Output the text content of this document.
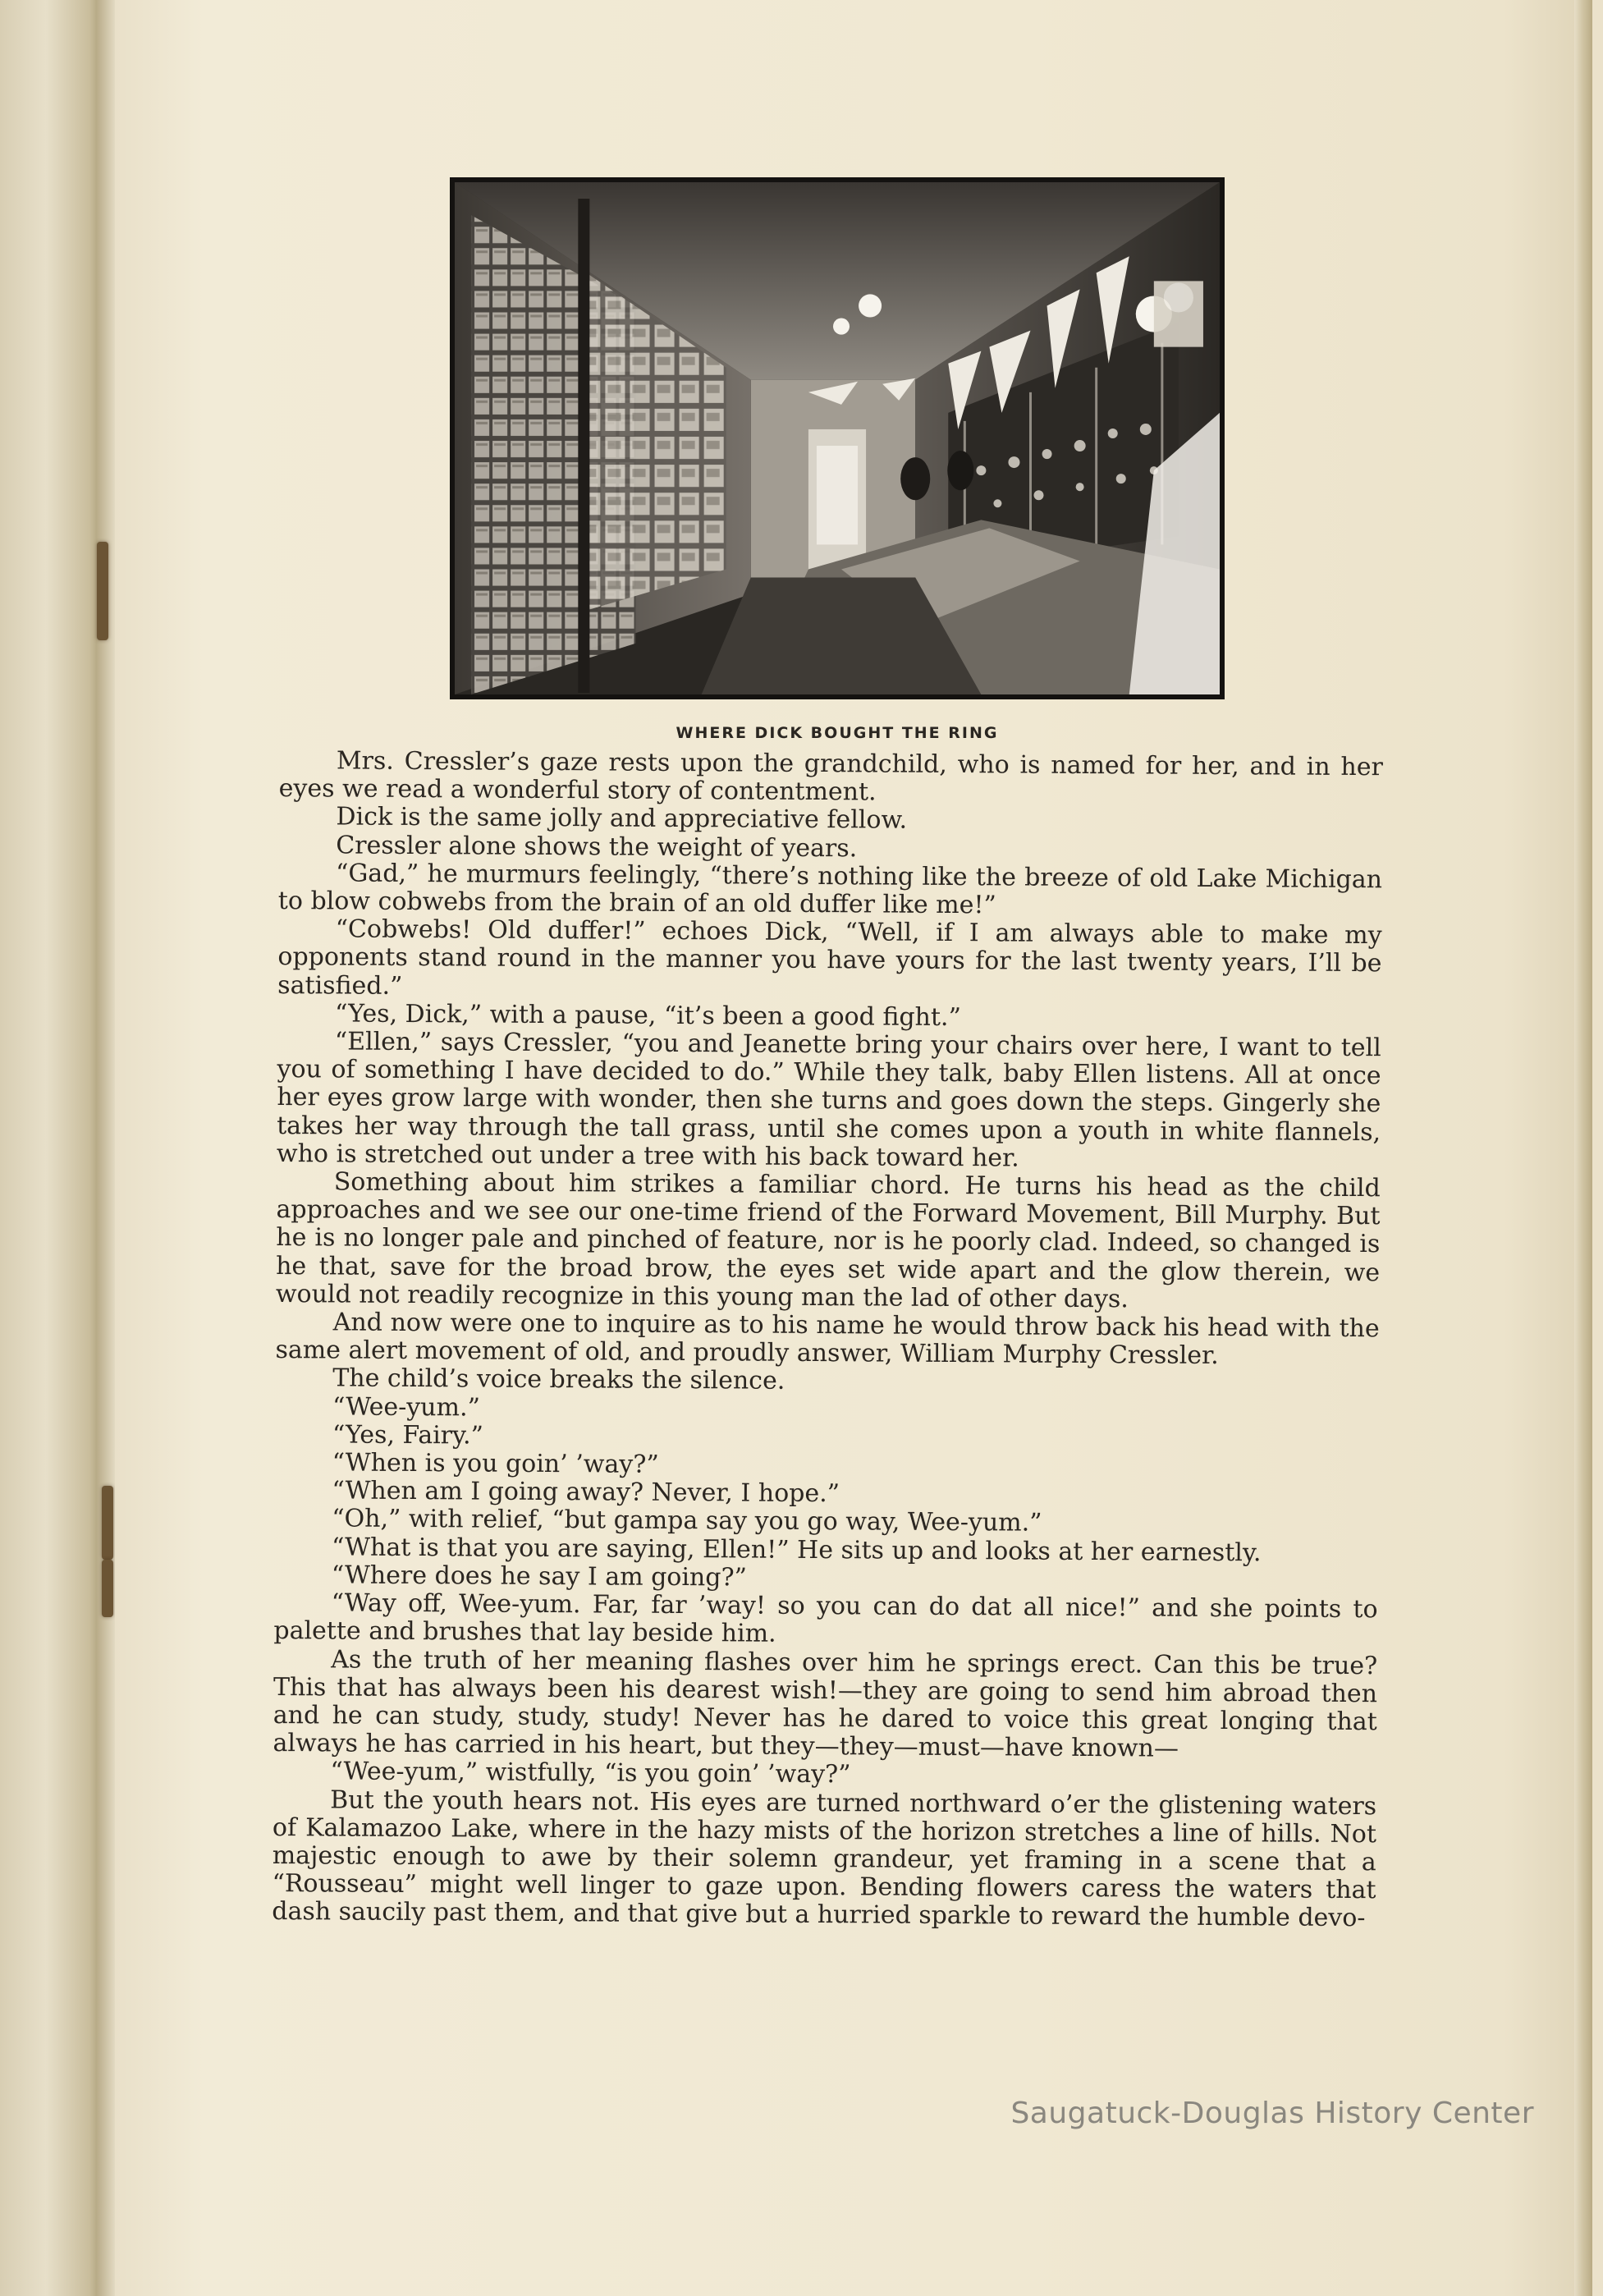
WHERE DICK BOUGHT THE RING

Mrs. Cressler’s gaze rests upon the grandchild, who is named for her, and in her eyes we read a wonderful story of contentment.

Dick is the same jolly and appreciative fellow.

Cressler alone shows the weight of years.

“Gad,” he murmurs feelingly, “there’s nothing like the breeze of old Lake Michigan to blow cobwebs from the brain of an old duffer like me!”

“Cobwebs! Old duffer!” echoes Dick, “Well, if I am always able to make my opponents stand round in the manner you have yours for the last twenty years, I’ll be satisfied.”

“Yes, Dick,” with a pause, “it’s been a good fight.”

“Ellen,” says Cressler, “you and Jeanette bring your chairs over here, I want to tell you of something I have decided to do.” While they talk, baby Ellen listens. All at once her eyes grow large with wonder, then she turns and goes down the steps. Gingerly she takes her way through the tall grass, until she comes upon a youth in white flannels, who is stretched out under a tree with his back toward her.

Something about him strikes a familiar chord. He turns his head as the child approaches and we see our one-time friend of the Forward Movement, Bill Murphy. But he is no longer pale and pinched of feature, nor is he poorly clad. Indeed, so changed is he that, save for the broad brow, the eyes set wide apart and the glow therein, we would not readily recognize in this young man the lad of other days.

And now were one to inquire as to his name he would throw back his head with the same alert movement of old, and proudly answer, William Murphy Cressler.

The child’s voice breaks the silence.

“Wee-yum.”

“Yes, Fairy.”

“When is you goin’ ’way?”

“When am I going away? Never, I hope.”

“Oh,” with relief, “but gampa say you go way, Wee-yum.”

“What is that you are saying, Ellen!” He sits up and looks at her earnestly.

“Where does he say I am going?”

“Way off, Wee-yum. Far, far ’way! so you can do dat all nice!” and she points to palette and brushes that lay beside him.

As the truth of her meaning flashes over him he springs erect. Can this be true? This that has always been his dearest wish!—they are going to send him abroad then and he can study, study, study! Never has he dared to voice this great longing that always he has carried in his heart, but they—they—must—have known—

“Wee-yum,” wistfully, “is you goin’ ’way?”

But the youth hears not. His eyes are turned northward o’er the glistening waters of Kalamazoo Lake, where in the hazy mists of the horizon stretches a line of hills. Not majestic enough to awe by their solemn grandeur, yet framing in a scene that a “Rousseau” might well linger to gaze upon. Bending flowers caress the waters that dash saucily past them, and that give but a hurried sparkle to reward the humble devo-

Saugatuck-Douglas History Center
